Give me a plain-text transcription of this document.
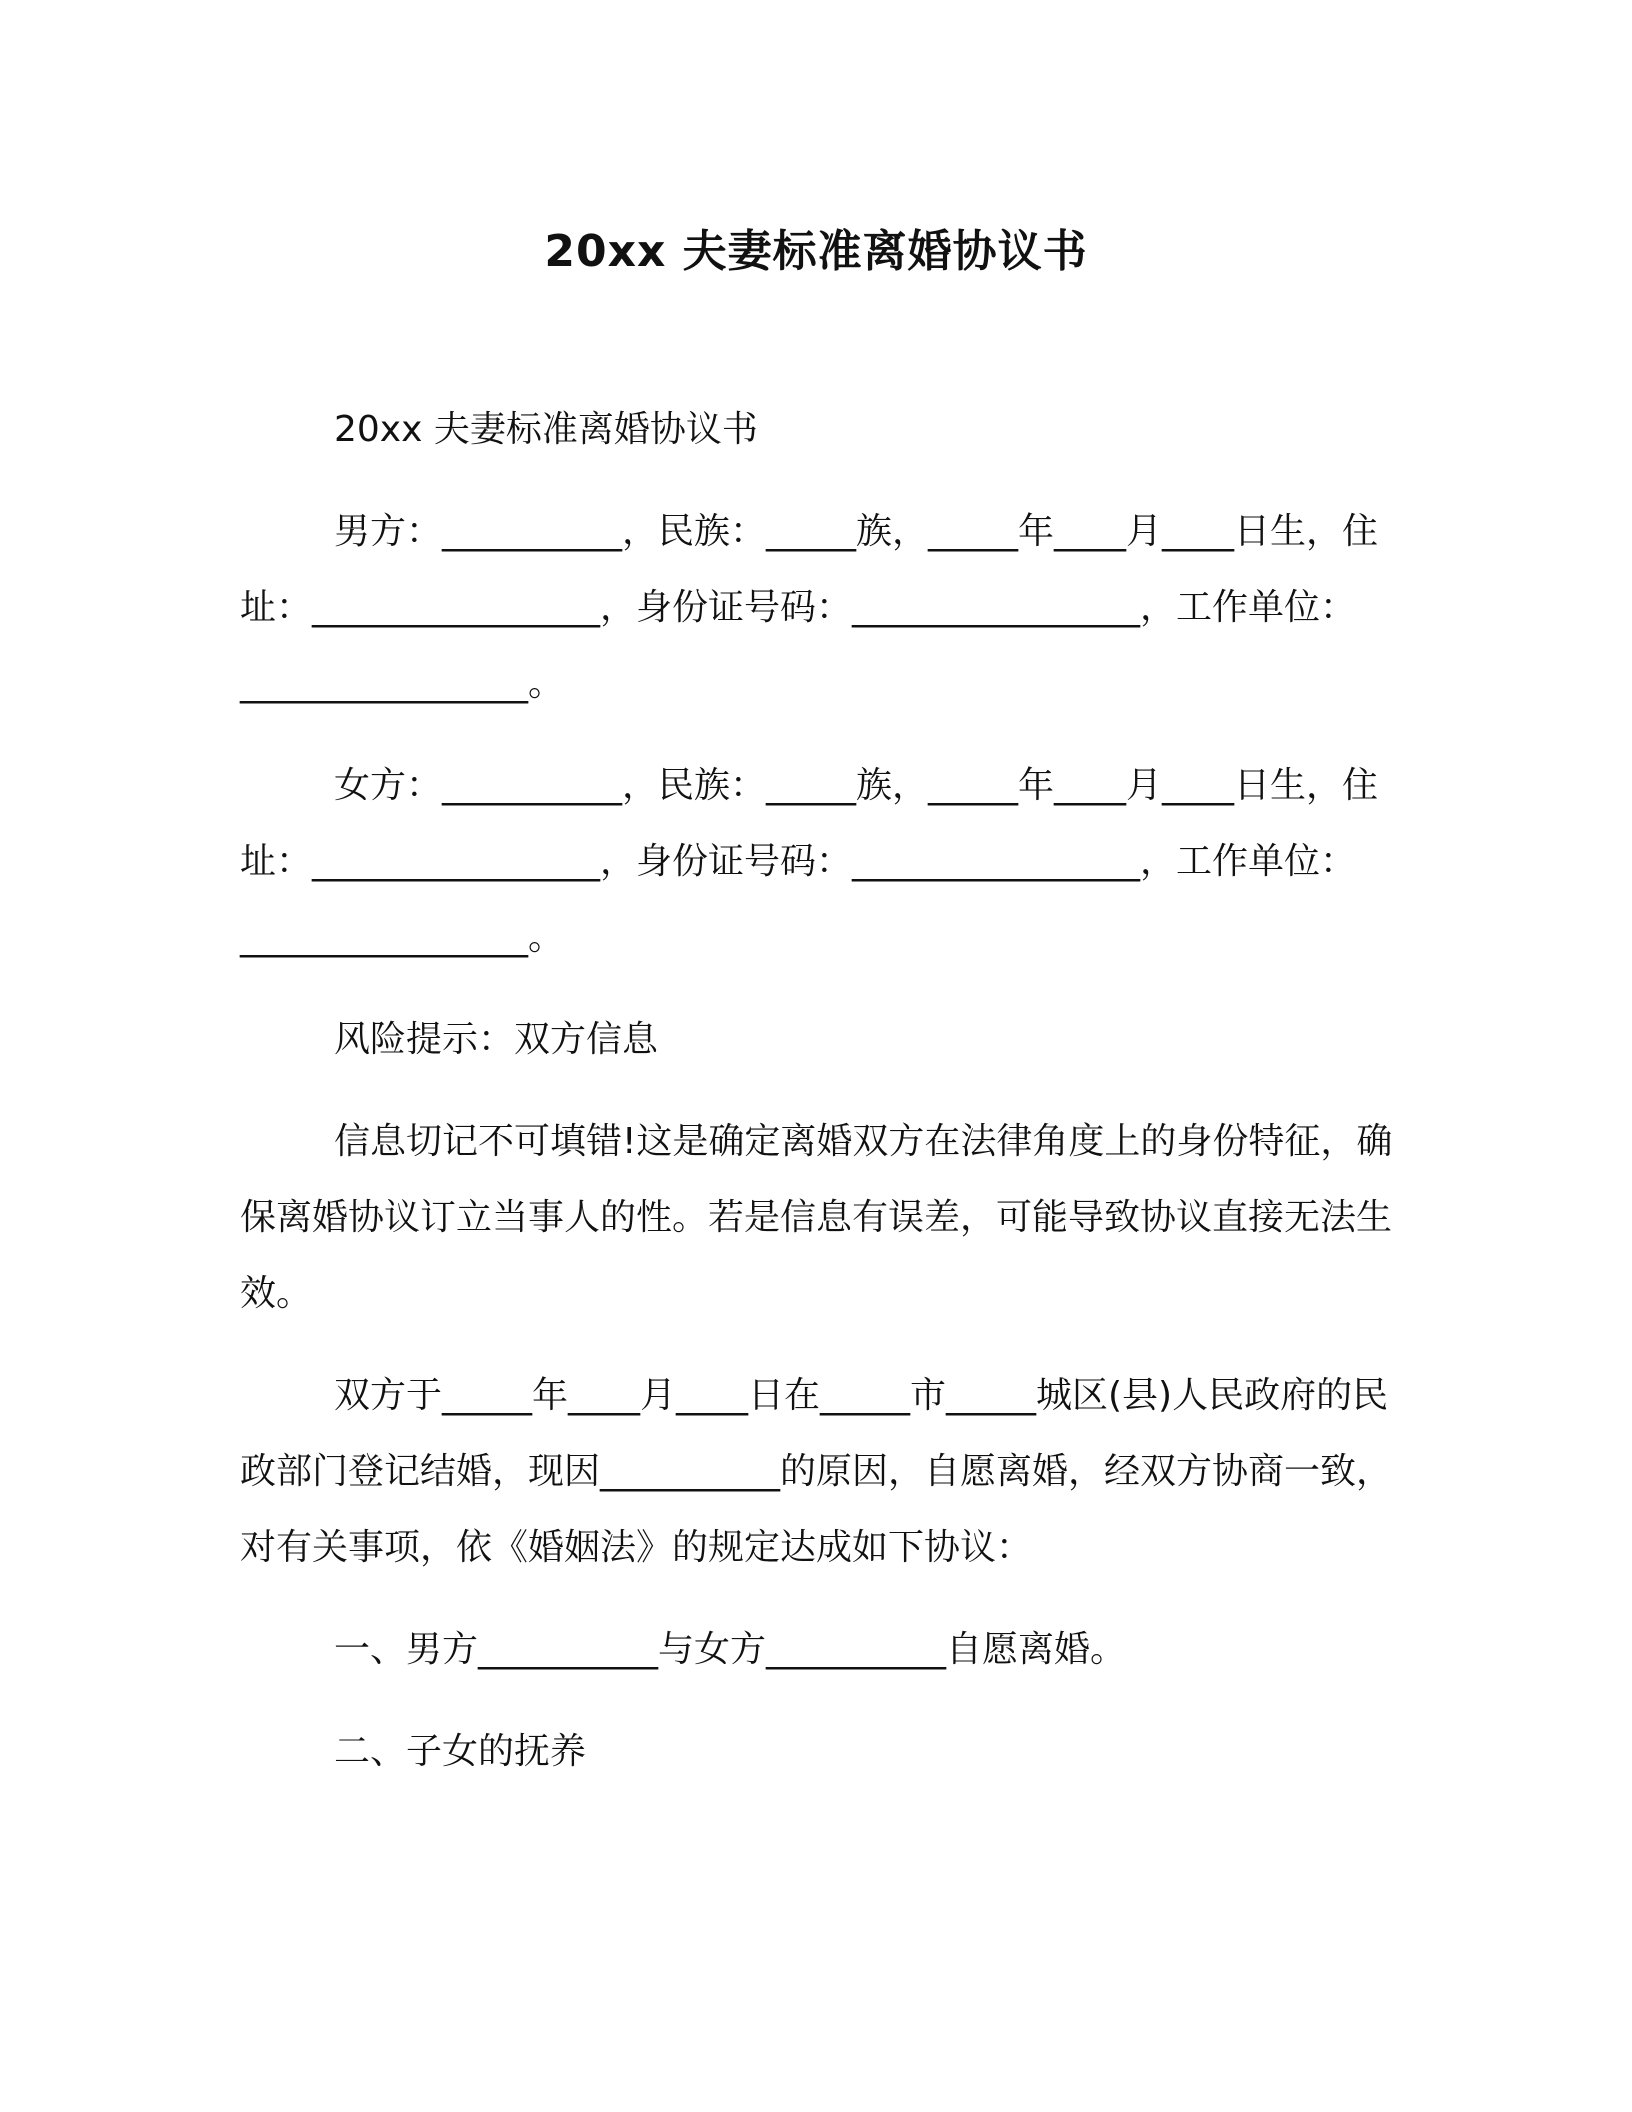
20xx 夫妻标准离婚协议书

20xx 夫妻标准离婚协议书

男方：__________，民族：_____族，_____年____月____日生，住址：________________，身份证号码：________________，工作单位：________________。

女方：__________，民族：_____族，_____年____月____日生，住址：________________，身份证号码：________________，工作单位：________________。

风险提示：双方信息

信息切记不可填错!这是确定离婚双方在法律角度上的身份特征，确保离婚协议订立当事人的性。若是信息有误差，可能导致协议直接无法生效。

双方于_____年____月____日在_____市_____城区(县)人民政府的民政部门登记结婚，现因__________的原因，自愿离婚，经双方协商一致，对有关事项，依《婚姻法》的规定达成如下协议：

一、男方__________与女方__________自愿离婚。

二、子女的抚养
